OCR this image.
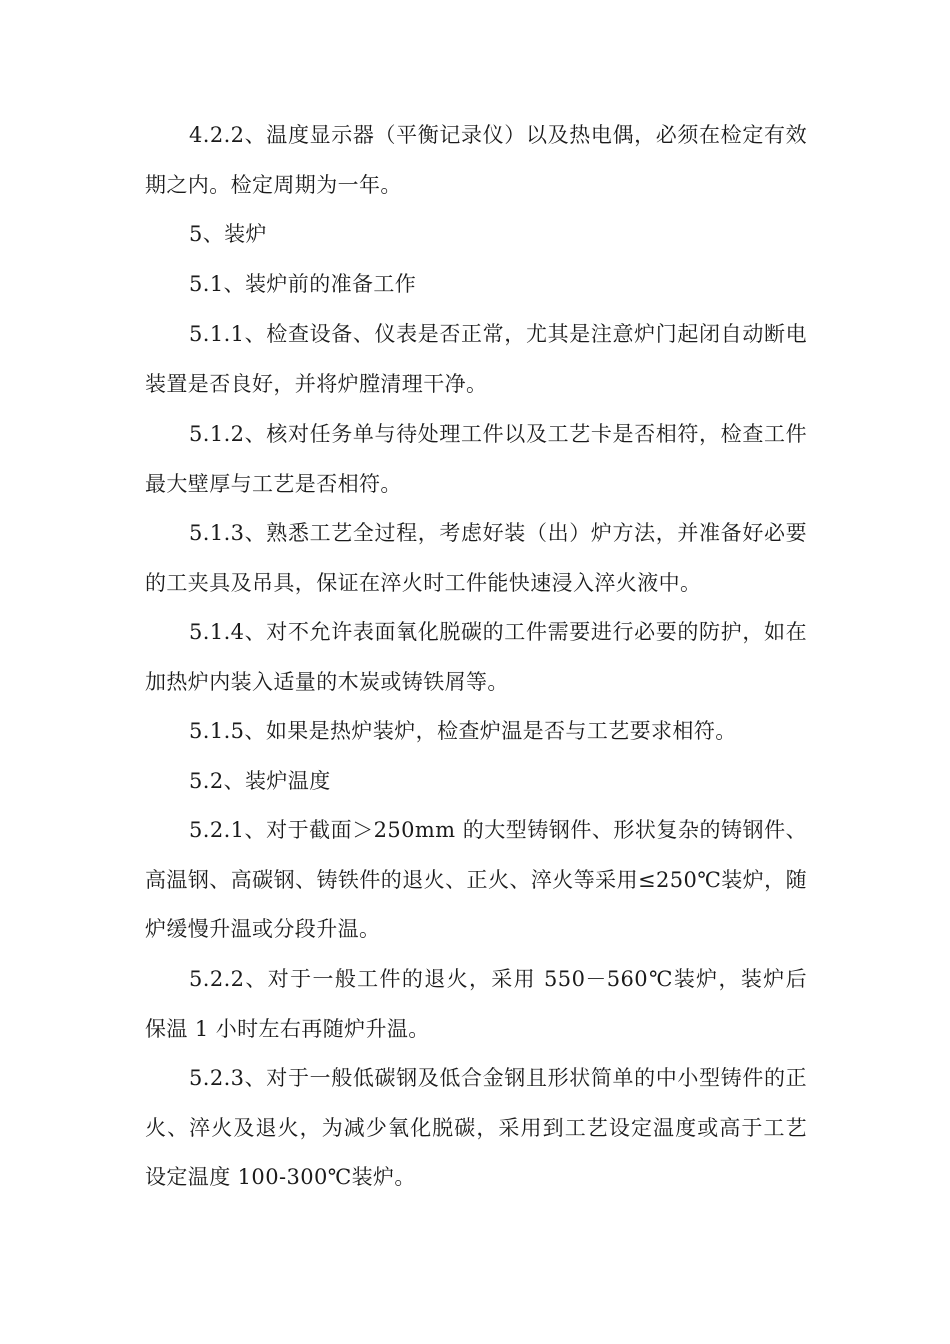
4.2.2、温度显示器（平衡记录仪）以及热电偶，必须在检定有效期之内。检定周期为一年。

5、装炉

5.1、装炉前的准备工作

5.1.1、检查设备、仪表是否正常，尤其是注意炉门起闭自动断电装置是否良好，并将炉膛清理干净。

5.1.2、核对任务单与待处理工件以及工艺卡是否相符，检查工件最大壁厚与工艺是否相符。

5.1.3、熟悉工艺全过程，考虑好装（出）炉方法，并准备好必要的工夹具及吊具，保证在淬火时工件能快速浸入淬火液中。

5.1.4、对不允许表面氧化脱碳的工件需要进行必要的防护，如在加热炉内装入适量的木炭或铸铁屑等。

5.1.5、如果是热炉装炉，检查炉温是否与工艺要求相符。

5.2、装炉温度

5.2.1、对于截面＞250mm 的大型铸钢件、形状复杂的铸钢件、高温钢、高碳钢、铸铁件的退火、正火、淬火等采用≤250℃装炉，随炉缓慢升温或分段升温。

5.2.2、对于一般工件的退火，采用 550－560℃装炉，装炉后保温 1 小时左右再随炉升温。

5.2.3、对于一般低碳钢及低合金钢且形状简单的中小型铸件的正火、淬火及退火，为减少氧化脱碳，采用到工艺设定温度或高于工艺设定温度 100-300℃装炉。
